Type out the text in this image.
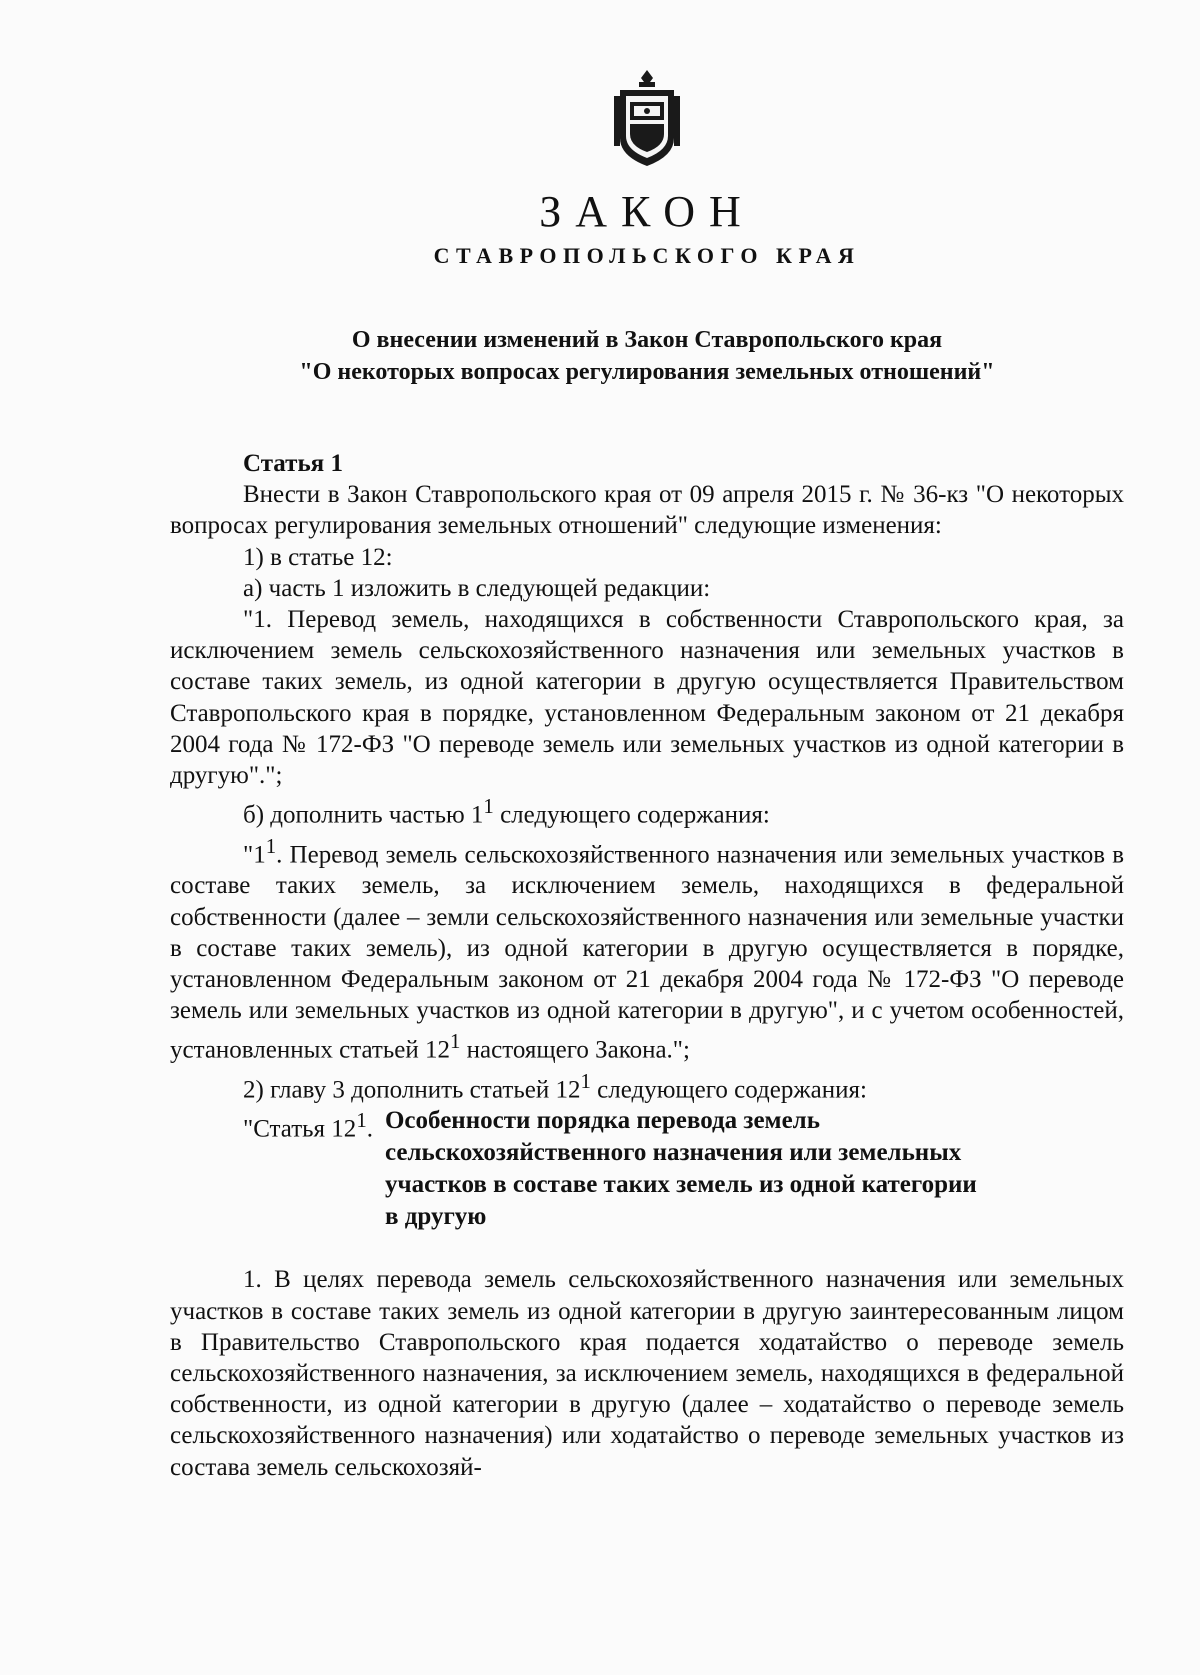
ЗАКОН
СТАВРОПОЛЬСКОГО КРАЯ
О внесении изменений в Закон Ставропольского края
"О некоторых вопросах регулирования земельных отношений"

Статья 1

Внести в Закон Ставропольского края от 09 апреля 2015 г. № 36-кз "О некоторых вопросах регулирования земельных отношений" следующие изменения:

1) в статье 12:

а) часть 1 изложить в следующей редакции:

"1. Перевод земель, находящихся в собственности Ставропольского края, за исключением земель сельскохозяйственного назначения или земельных участков в составе таких земель, из одной категории в другую осуществляется Правительством Ставропольского края в порядке, установленном Федеральным законом от 21 декабря 2004 года № 172-ФЗ "О переводе земель или земельных участков из одной категории в другую".";

б) дополнить частью $1^1$ следующего содержания:

"$1^1$. Перевод земель сельскохозяйственного назначения или земельных участков в составе таких земель, за исключением земель, находящихся в федеральной собственности (далее – земли сельскохозяйственного назначения или земельные участки в составе таких земель), из одной категории в другую осуществляется в порядке, установленном Федеральным законом от 21 декабря 2004 года № 172-ФЗ "О переводе земель или земельных участков из одной категории в другую", и с учетом особенностей, установленных статьей $12^1$ настоящего Закона.";

2) главу 3 дополнить статьей $12^1$ следующего содержания:

"Статья $12^1$. Особенности порядка перевода земель
сельскохозяйственного назначения или земельных
участков в составе таких земель из одной категории
в другую

1. В целях перевода земель сельскохозяйственного назначения или земельных участков в составе таких земель из одной категории в другую заинтересованным лицом в Правительство Ставропольского края подается ходатайство о переводе земель сельскохозяйственного назначения, за исключением земель, находящихся в федеральной собственности, из одной категории в другую (далее – ходатайство о переводе земель сельскохозяйственного назначения) или ходатайство о переводе земельных участков из состава земель сельскохозяй-
